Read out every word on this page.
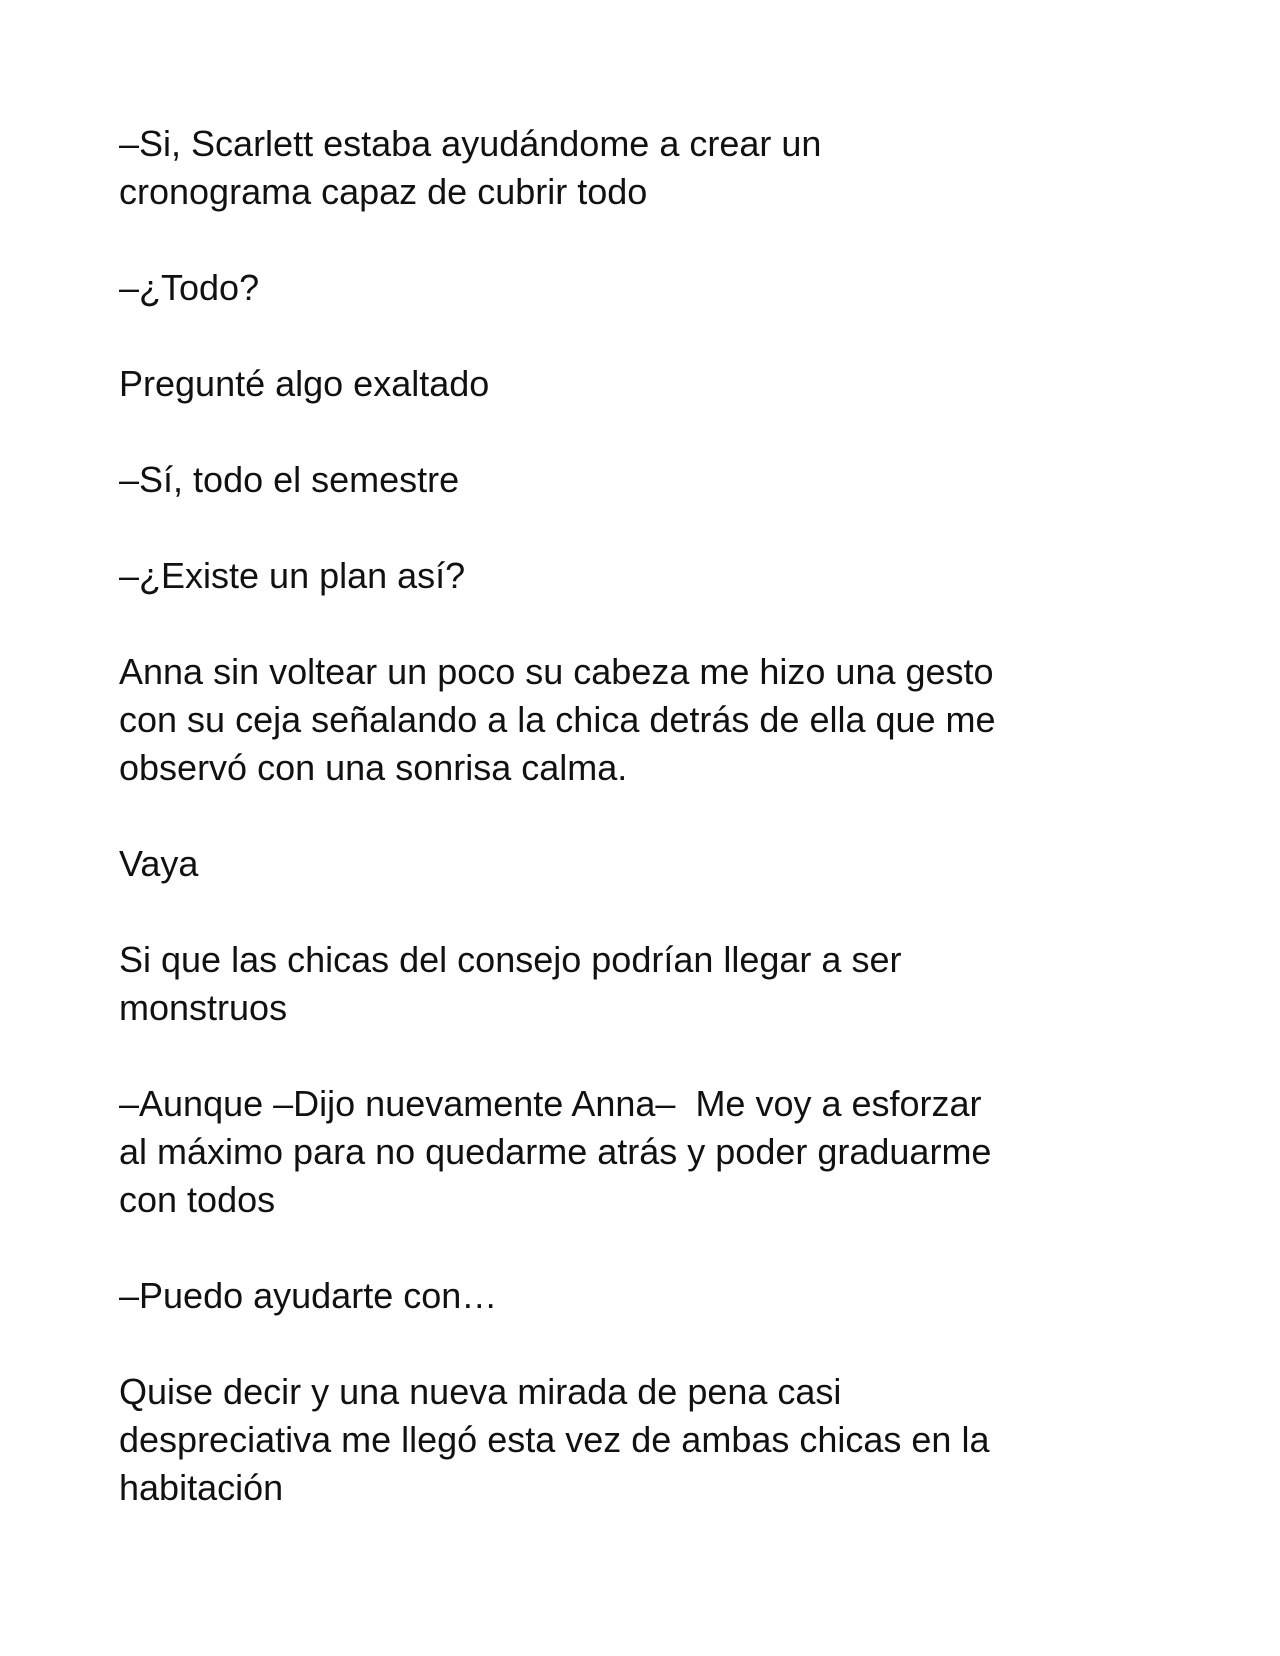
–Si, Scarlett estaba ayudándome a crear un
cronograma capaz de cubrir todo

–¿Todo?

Pregunté algo exaltado

–Sí, todo el semestre

–¿Existe un plan así?

Anna sin voltear un poco su cabeza me hizo una gesto
con su ceja señalando a la chica detrás de ella que me
observó con una sonrisa calma.

Vaya

Si que las chicas del consejo podrían llegar a ser
monstruos

–Aunque –Dijo nuevamente Anna–  Me voy a esforzar
al máximo para no quedarme atrás y poder graduarme
con todos

–Puedo ayudarte con…

Quise decir y una nueva mirada de pena casi
despreciativa me llegó esta vez de ambas chicas en la
habitación
